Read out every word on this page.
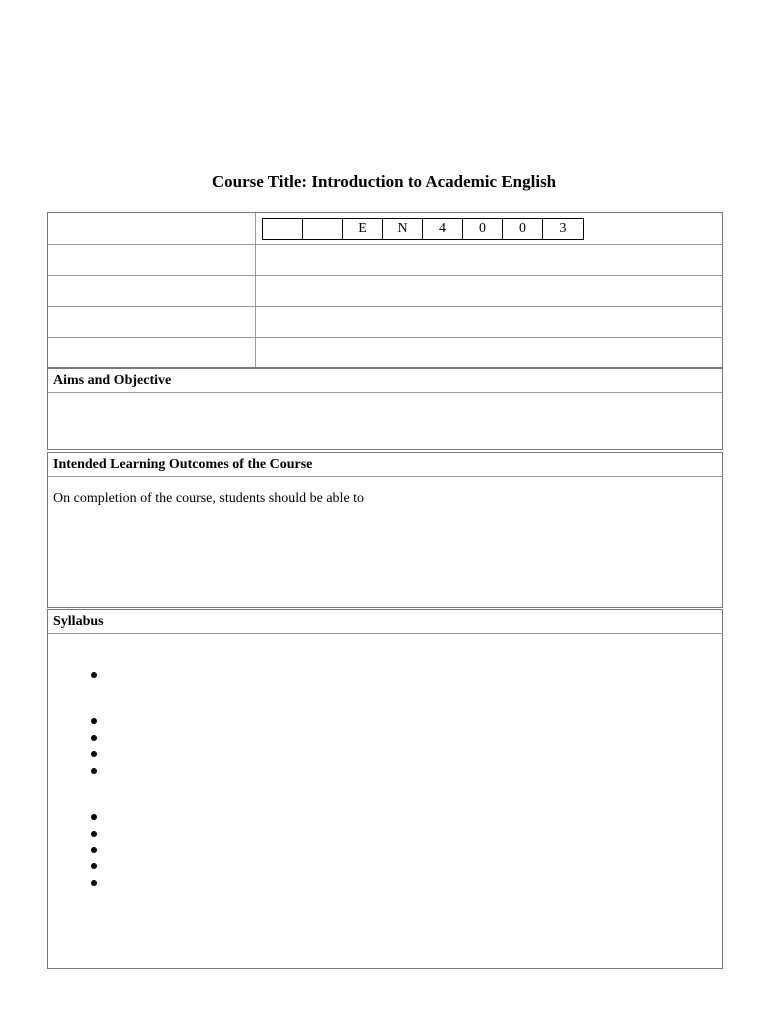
Course Title: Introduction to Academic English
E	N	4	0	0	3
Aims and Objective
Intended Learning Outcomes of the Course
On completion of the course, students should be able to
Syllabus
